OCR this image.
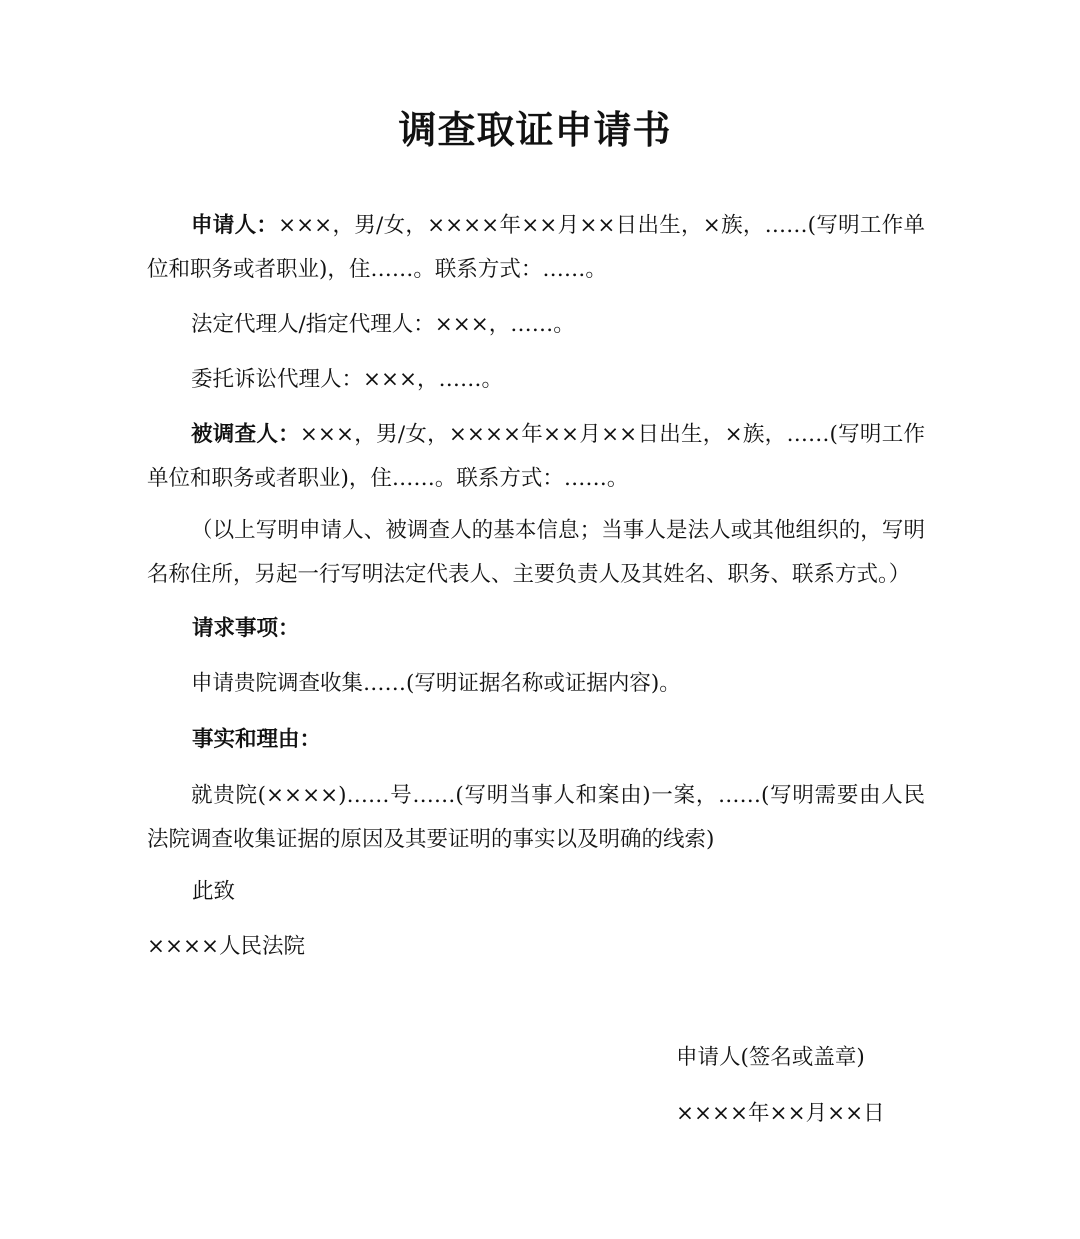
调查取证申请书

申请人：×××，男/女，××××年××月××日出生，×族，……(写明工作单位和职务或者职业)，住……。联系方式：……。

法定代理人/指定代理人：×××，……。

委托诉讼代理人：×××，……。

被调查人：×××，男/女，××××年××月××日出生，×族，……(写明工作单位和职务或者职业)，住……。联系方式：……。

（以上写明申请人、被调查人的基本信息；当事人是法人或其他组织的，写明名称住所，另起一行写明法定代表人、主要负责人及其姓名、职务、联系方式。）

请求事项：

申请贵院调查收集……(写明证据名称或证据内容)。

事实和理由：

就贵院(××××)……号……(写明当事人和案由)一案，……(写明需要由人民法院调查收集证据的原因及其要证明的事实以及明确的线索)

此致

××××人民法院

申请人(签名或盖章)

××××年××月××日
